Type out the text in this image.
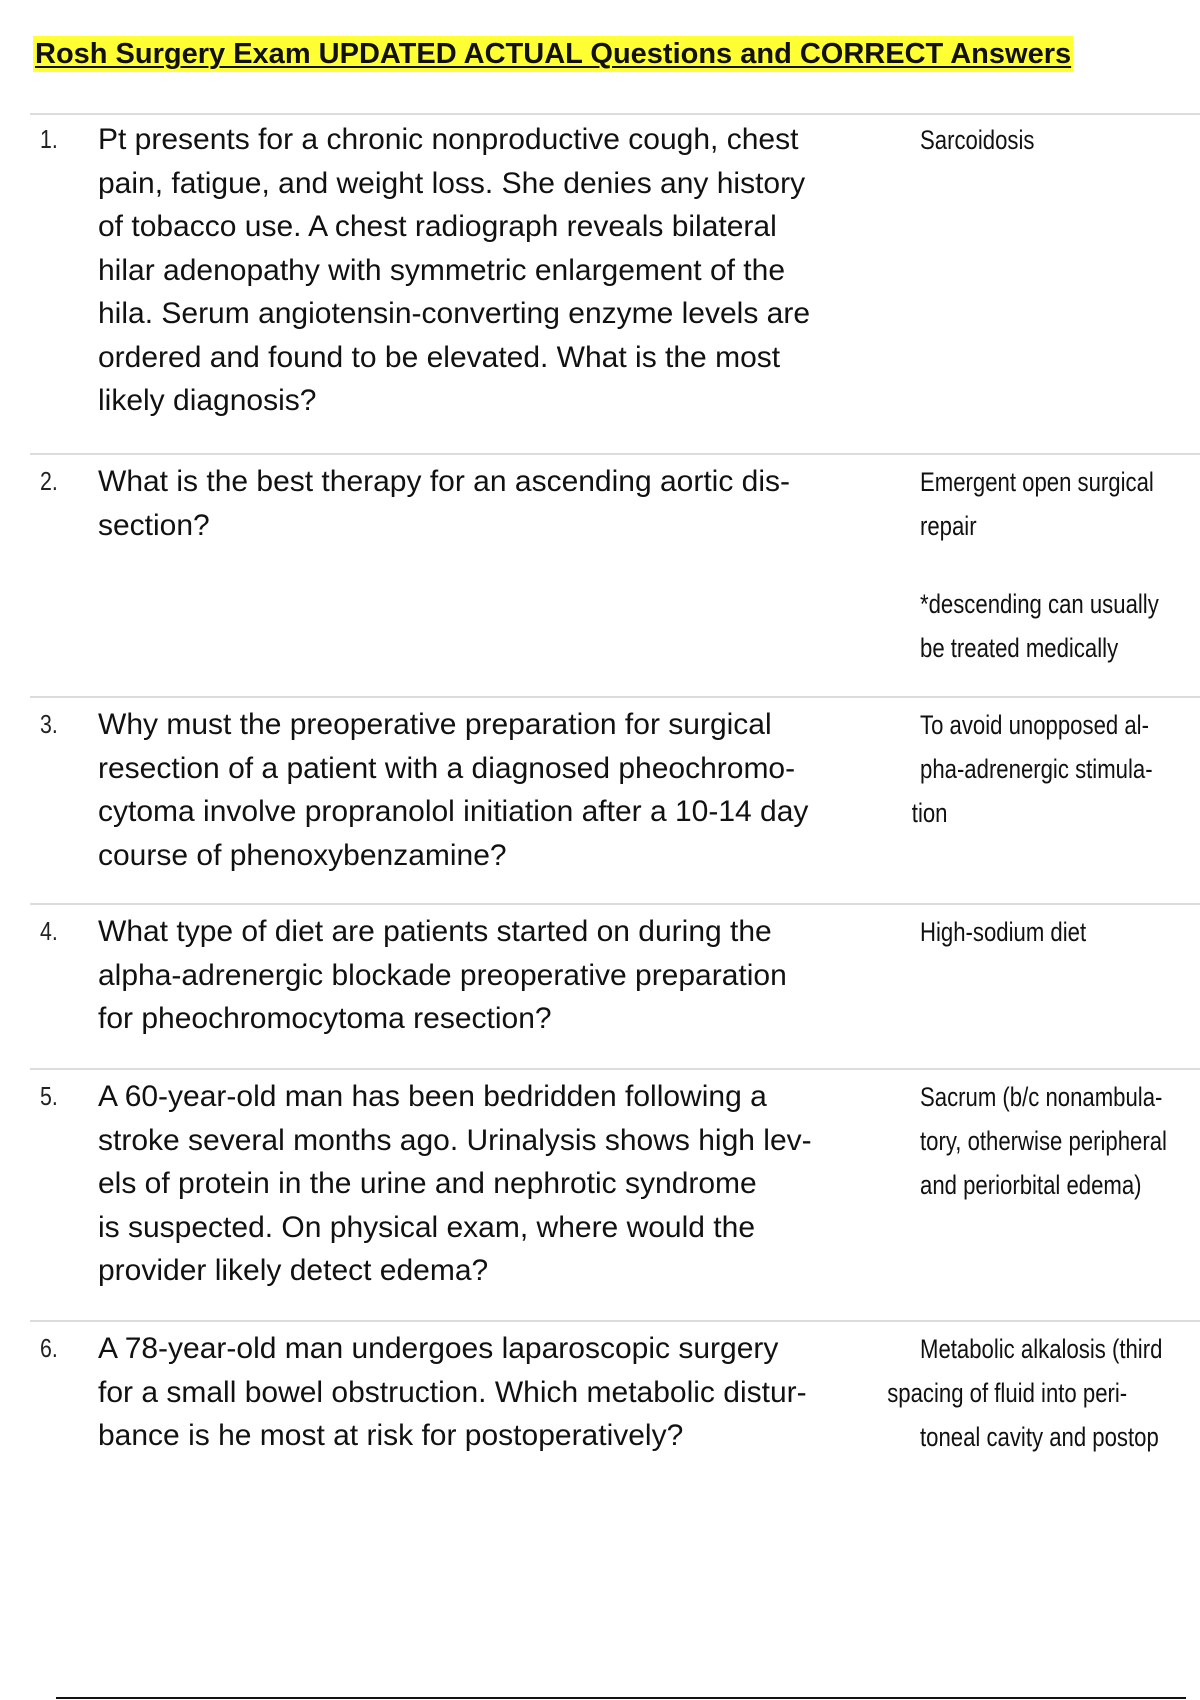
Rosh Surgery Exam UPDATED ACTUAL Questions and CORRECT Answers
1. Pt presents for a chronic nonproductive cough, chest
pain, fatigue, and weight loss. She denies any history
of tobacco use. A chest radiograph reveals bilateral
hilar adenopathy with symmetric enlargement of the
hila. Serum angiotensin-converting enzyme levels are
ordered and found to be elevated. What is the most
likely diagnosis?
Sarcoidosis
2. What is the best therapy for an ascending aortic dis-
section?
Emergent open surgical
repair
*descending can usually
be treated medically
3. Why must the preoperative preparation for surgical
resection of a patient with a diagnosed pheochromo-
cytoma involve propranolol initiation after a 10-14 day
course of phenoxybenzamine?
To avoid unopposed al-
pha-adrenergic stimula-
tion
4. What type of diet are patients started on during the
alpha-adrenergic blockade preoperative preparation
for pheochromocytoma resection?
High-sodium diet
5. A 60-year-old man has been bedridden following a
stroke several months ago. Urinalysis shows high lev-
els of protein in the urine and nephrotic syndrome
is suspected. On physical exam, where would the
provider likely detect edema?
Sacrum (b/c nonambula-
tory, otherwise peripheral
and periorbital edema)
6. A 78-year-old man undergoes laparoscopic surgery
for a small bowel obstruction. Which metabolic distur-
bance is he most at risk for postoperatively?
Metabolic alkalosis (third
spacing of fluid into peri-
toneal cavity and postop
